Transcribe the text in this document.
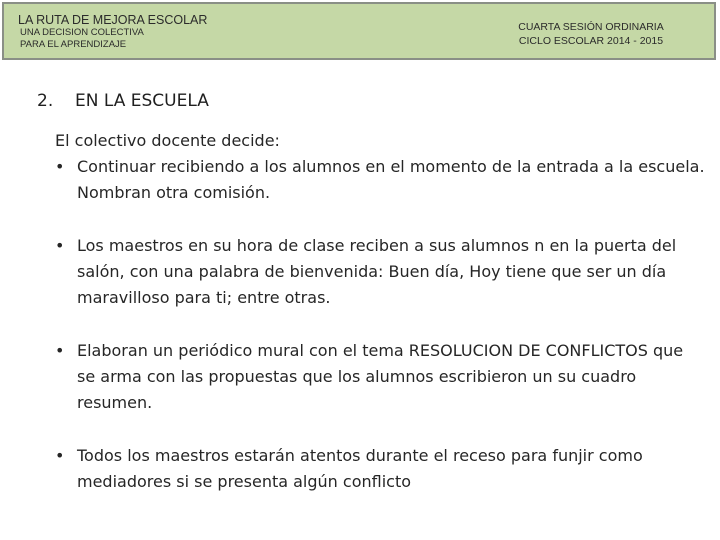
LA RUTA DE MEJORA ESCOLAR
UNA DECISION COLECTIVA
PARA EL APRENDIZAJE
CUARTA SESIÓN ORDINARIA
CICLO ESCOLAR 2014 - 2015
2. EN LA ESCUELA

El colectivo docente decide:

• Continuar recibiendo a los alumnos en el momento de la entrada a la escuela. Nombran otra comisión.
• Los maestros en su hora de clase reciben a sus alumnos n en la puerta del salón, con una palabra de bienvenida: Buen día, Hoy tiene que ser un día maravilloso para ti; entre otras.
• Elaboran un periódico mural con el tema RESOLUCION DE CONFLICTOS que se arma con las propuestas que los alumnos escribieron un su cuadro resumen.
• Todos los maestros estarán atentos durante el receso para funjir como mediadores si se presenta algún conflicto
